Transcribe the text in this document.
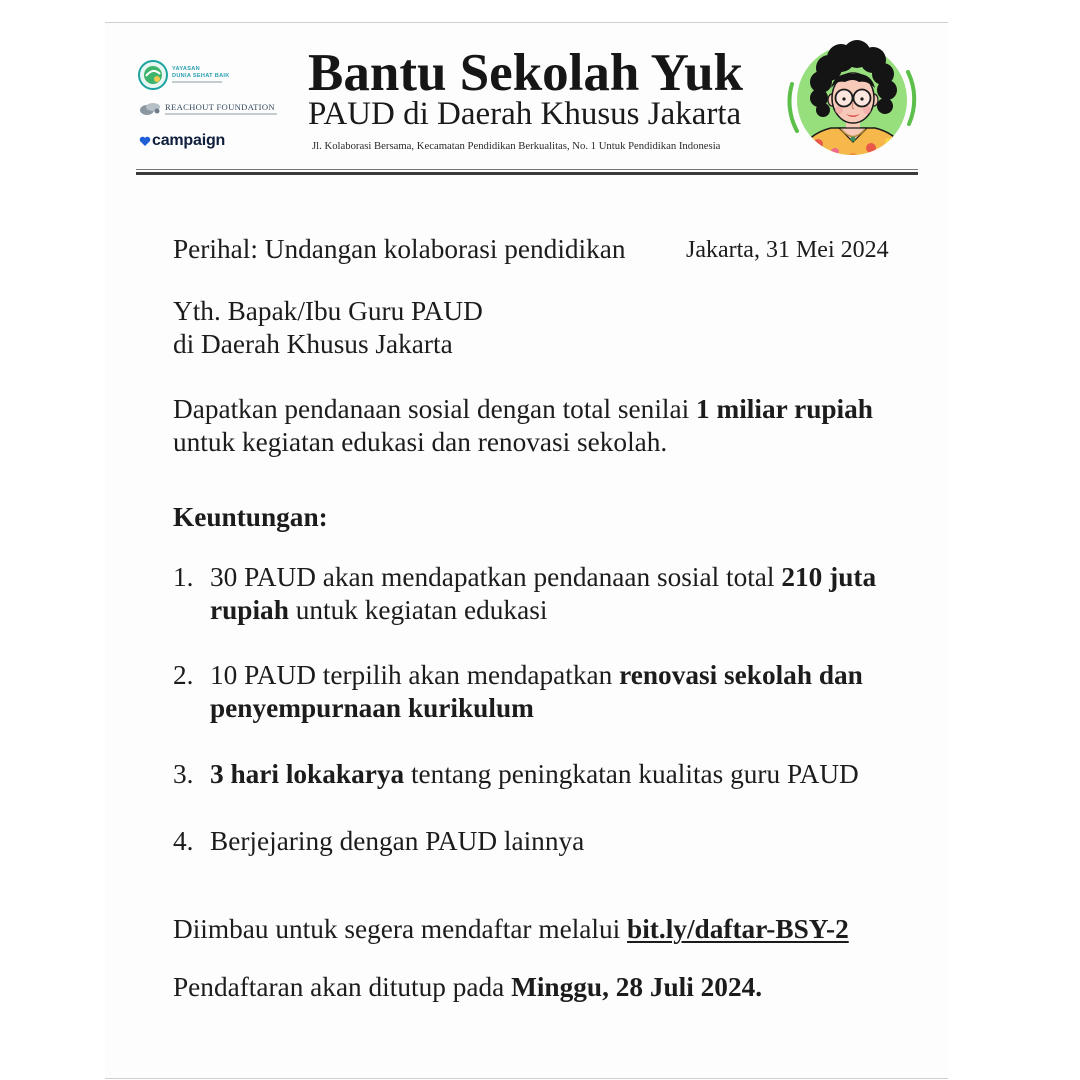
YAYASAN
DUNIA SEHAT BAIK
REACHOUT FOUNDATION
campaign
Bantu Sekolah Yuk
PAUD di Daerah Khusus Jakarta
Jl. Kolaborasi Bersama, Kecamatan Pendidikan Berkualitas, No. 1 Untuk Pendidikan Indonesia
Perihal: Undangan kolaborasi pendidikan	Jakarta, 31 Mei 2024
Yth. Bapak/Ibu Guru PAUD
di Daerah Khusus Jakarta
Dapatkan pendanaan sosial dengan total senilai 1 miliar rupiah
untuk kegiatan edukasi dan renovasi sekolah.
Keuntungan:
1. 30 PAUD akan mendapatkan pendanaan sosial total 210 juta
rupiah untuk kegiatan edukasi
2. 10 PAUD terpilih akan mendapatkan renovasi sekolah dan
penyempurnaan kurikulum
3. 3 hari lokakarya tentang peningkatan kualitas guru PAUD
4. Berjejaring dengan PAUD lainnya
Diimbau untuk segera mendaftar melalui bit.ly/daftar-BSY-2
Pendaftaran akan ditutup pada Minggu, 28 Juli 2024.
